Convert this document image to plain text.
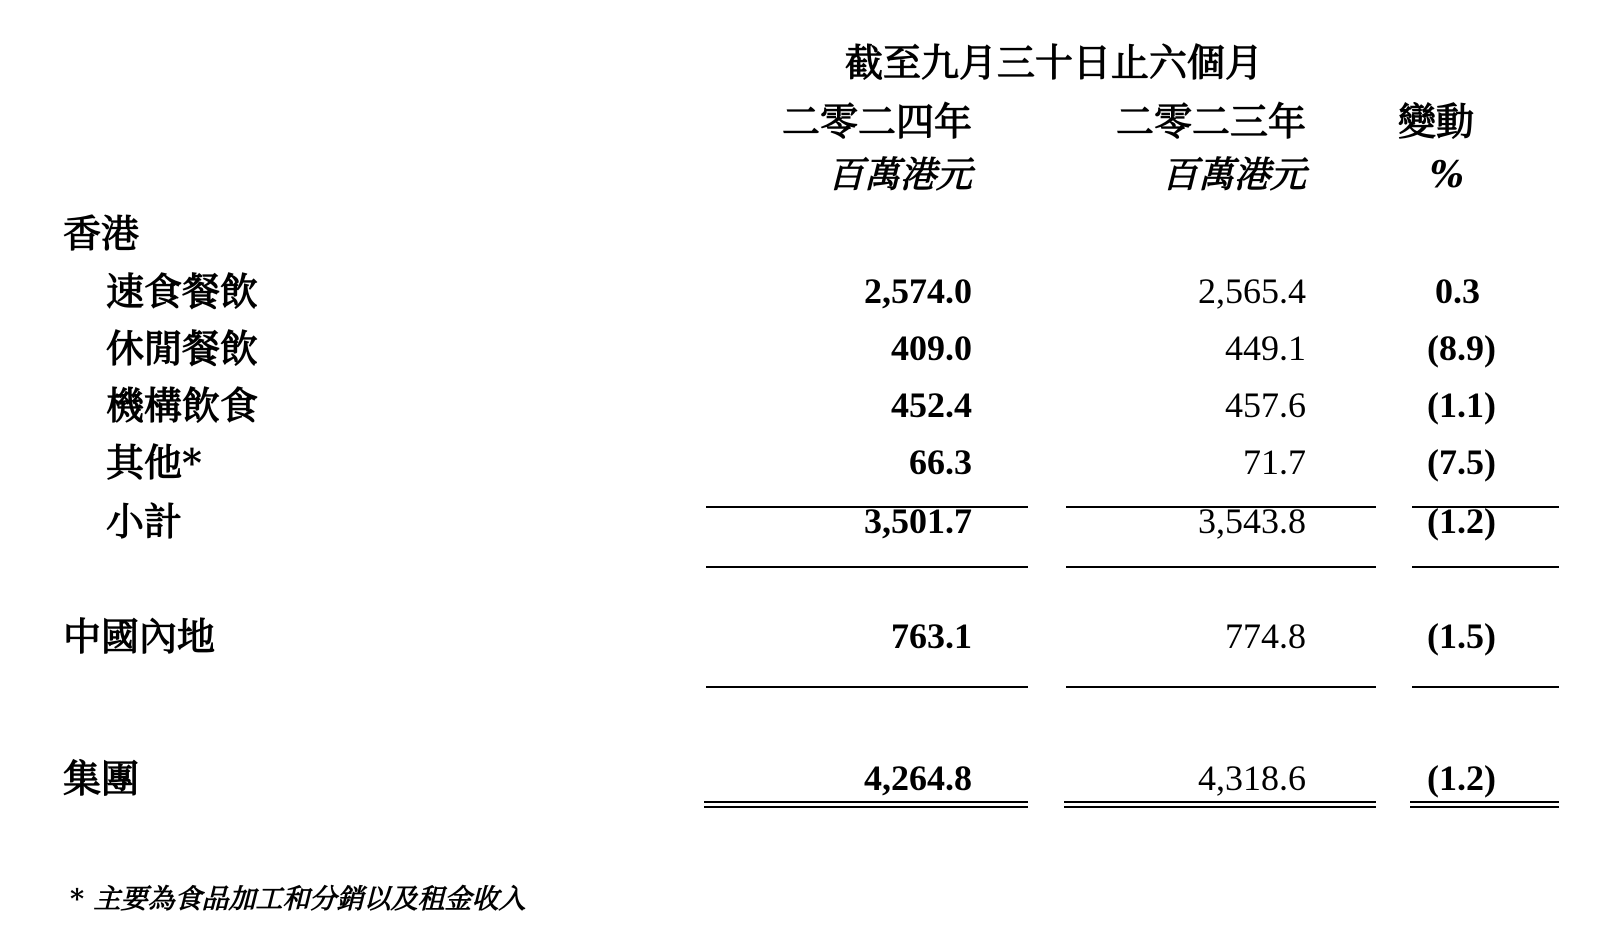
截至九月三十日止六個月
二零二四年	二零二三年 變動
百萬港元	百萬港元	%
香港
速食餐飲	2,574.0	2,565.4	0.3
休閒餐飲	409.0	449.1	(8.9)
機構飲食	452.4	457.6	(1.1)
其他*	66.3	71.7	(7.5)
小計	3,501.7	3,543.8	(1.2)
中國內地	763.1	774.8	(1.5)
集團	4,264.8	4,318.6	(1.2)
* 主要為食品加工和分銷以及租金收入
